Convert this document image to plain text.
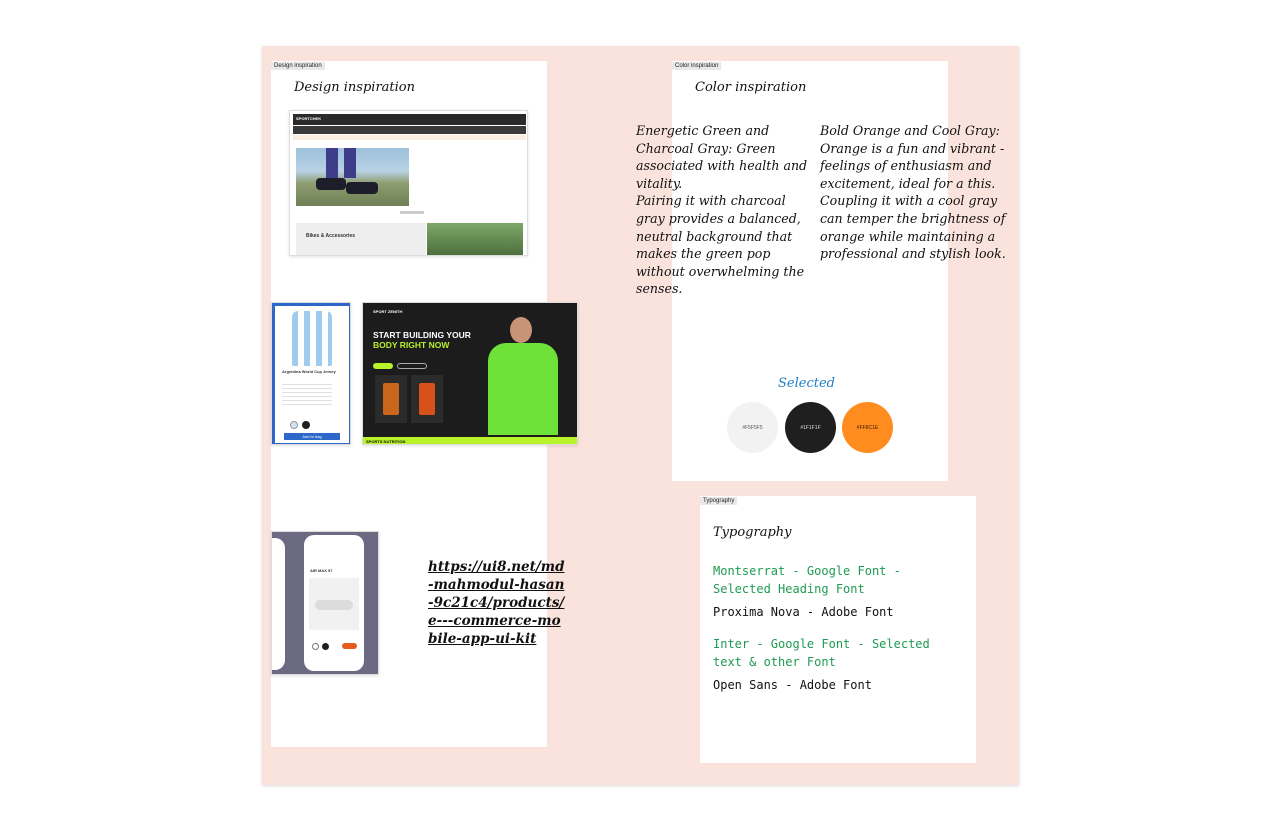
Design inspiration
Design inspiration
SPORTCHEK
Bikes & Accessories
Argentina World Cup Jersey
Add to bag
SPORT ZENITH
START BUILDING YOUR
BODY RIGHT NOW
SPORTS NUTRITION
AIR MAX 97	https://ui8.net/md-mahmodul-hasan-9c21c4/products/e---commerce-mobile-app-ui-kit
Color inspiration
Color inspiration
Energetic Green and Charcoal Gray: Green associated with health and vitality.
Pairing it with charcoal gray provides a balanced, neutral background that makes the green pop without overwhelming the senses.
Bold Orange and Cool Gray:
Orange is a fun and vibrant - feelings of enthusiasm and excitement, ideal for a this.
Coupling it with a cool gray can temper the brightness of orange while maintaining a professional and stylish look.
Selected
#F5F5F5	#1F1F1F	#FF8C1E
Typography
Typography
Montserrat - Google Font -
Selected Heading Font
Proxima Nova - Adobe Font
Inter - Google Font - Selected
text & other Font
Open Sans - Adobe Font
